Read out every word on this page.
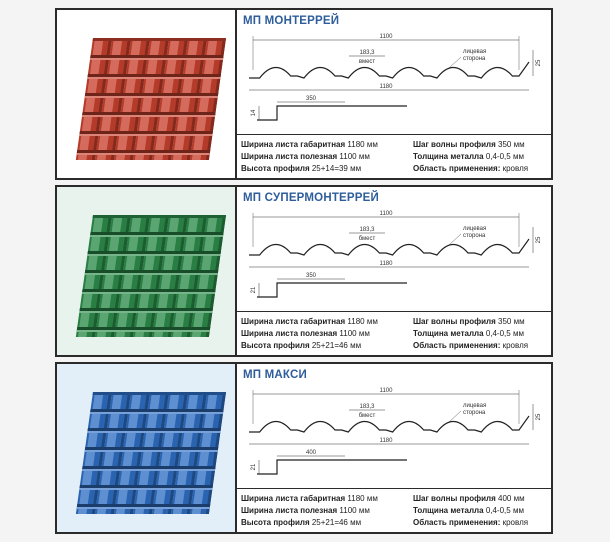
МП МОНТЕРРЕЙ
1100
183,3
вмест
лицевая
сторона
25
1180
350
14
Ширина листа габаритная 1180 мм
Ширина листа полезная 1100 мм
Высота профиля 25+14=39 мм
Шаг волны профиля 350 мм
Толщина металла 0,4-0,5 мм
Область применения: кровля
МП СУПЕРМОНТЕРРЕЙ
1100
183,3
бмест
лицевая
сторона
25
1180
350
21
Ширина листа габаритная 1180 мм
Ширина листа полезная 1100 мм
Высота профиля 25+21=46 мм
Шаг волны профиля 350 мм
Толщина металла 0,4-0,5 мм
Область применения: кровля
МП МАКСИ
1100
183,3
бмест
лицевая
сторона
25
1180
400
21
Ширина листа габаритная 1180 мм
Ширина листа полезная 1100 мм
Высота профиля 25+21=46 мм
Шаг волны профиля 400 мм
Толщина металла 0,4-0,5 мм
Область применения: кровля
